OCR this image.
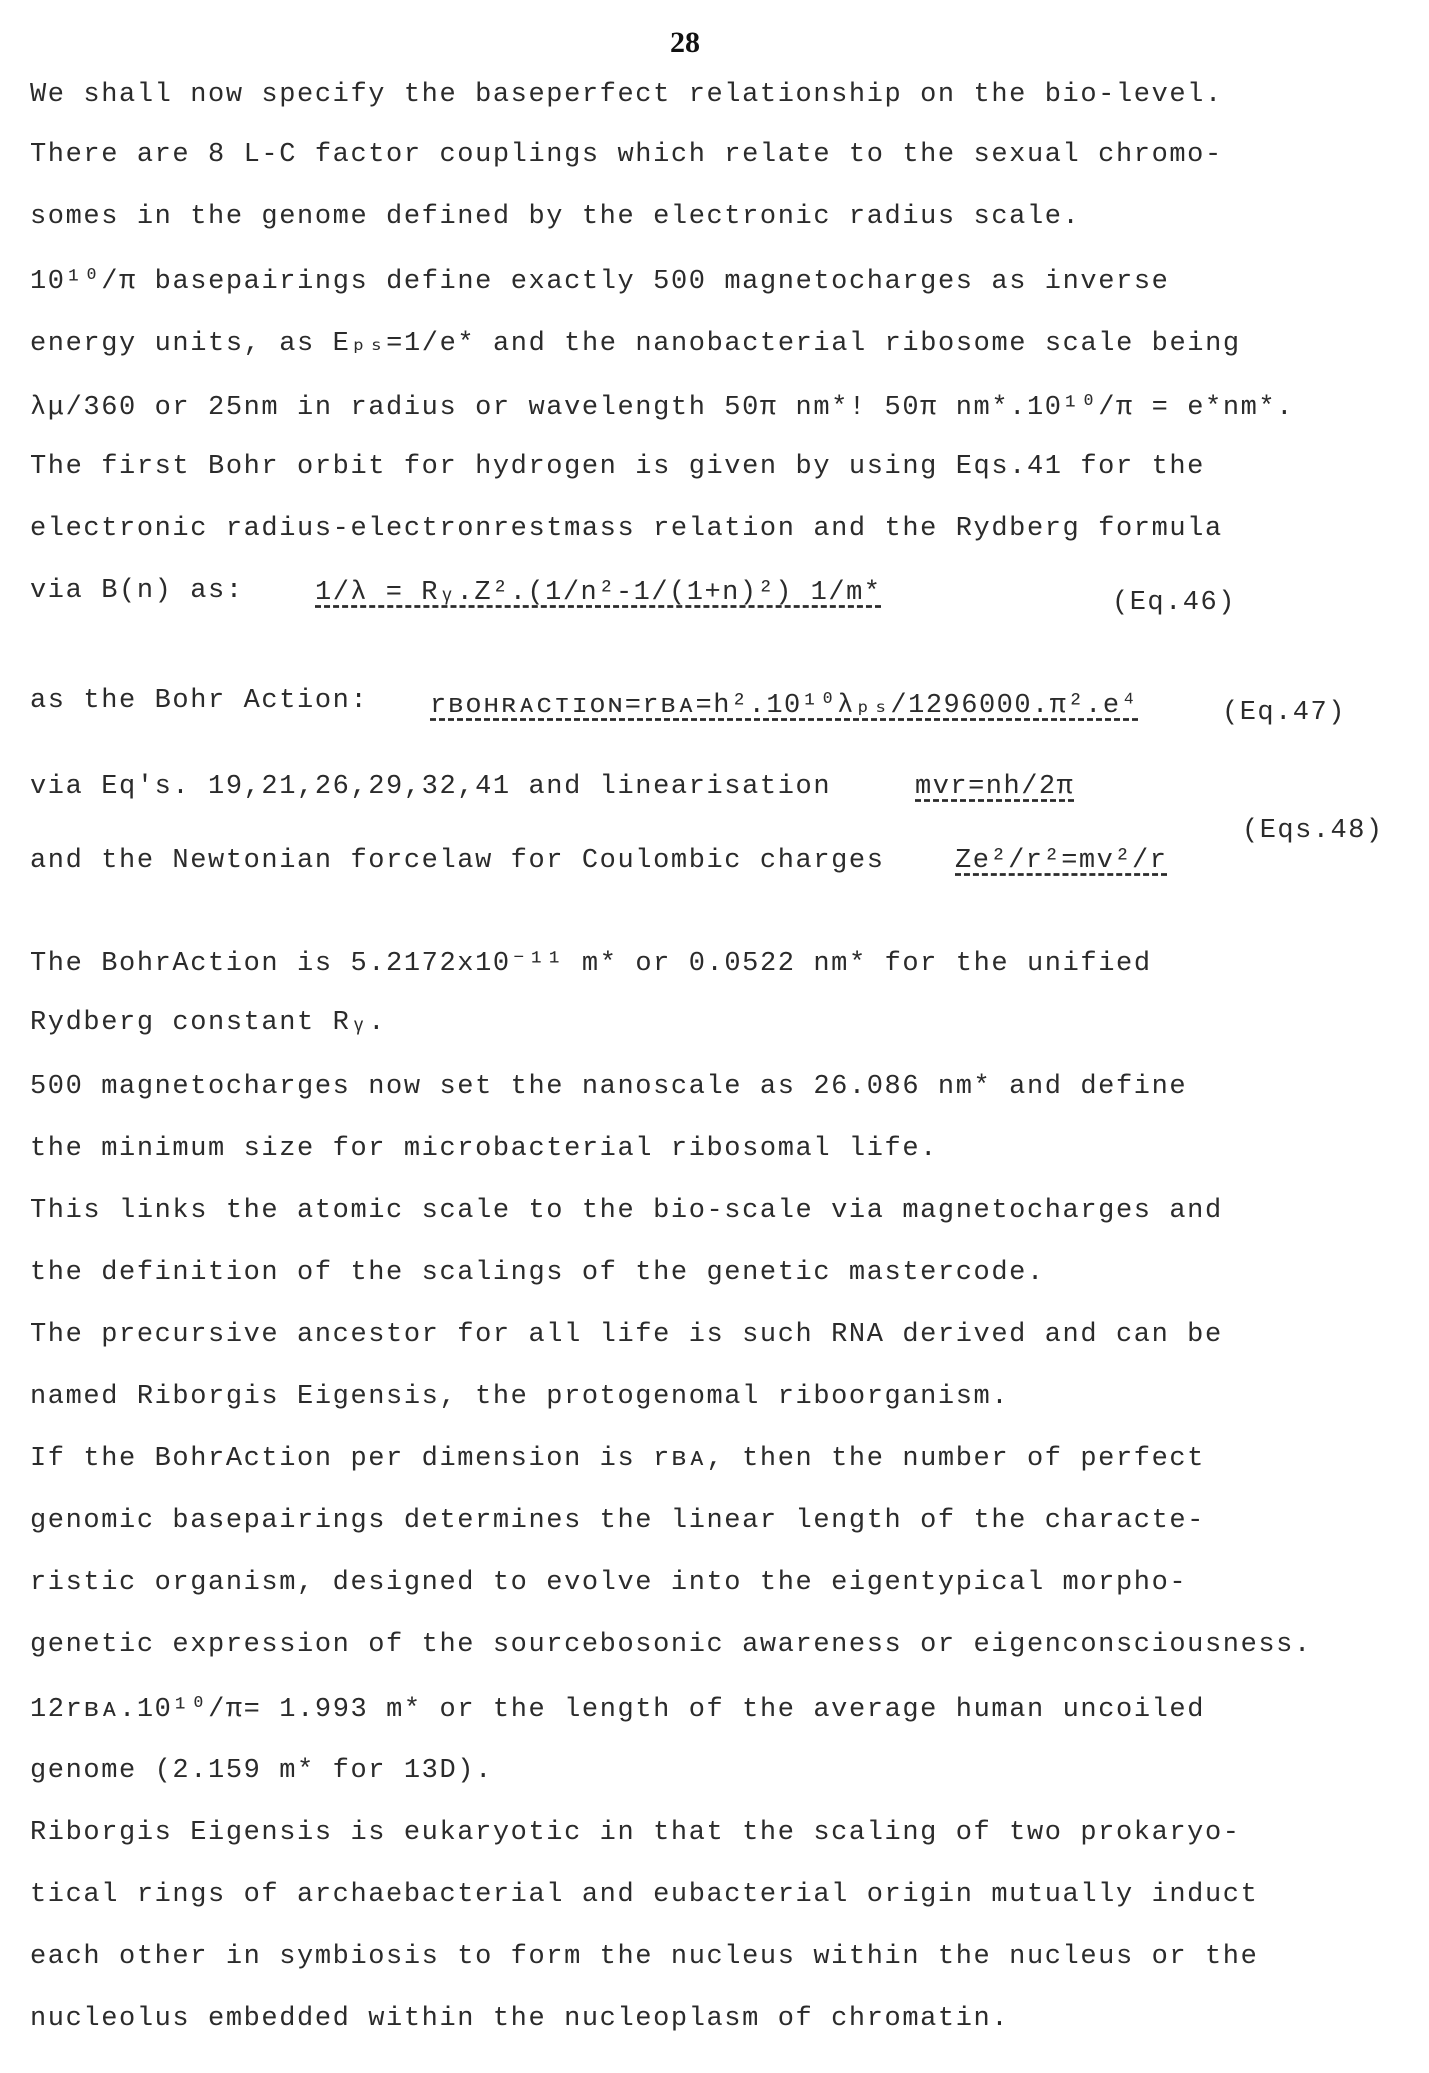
28
We shall now specify the baseperfect relationship on the bio-level.
There are 8 L-C factor couplings which relate to the sexual chromo-
somes in the genome defined by the electronic radius scale.
10¹⁰/π basepairings define exactly 500 magnetocharges as inverse
energy units, as Eₚₛ=1/e* and the nanobacterial ribosome scale being
λμ/360 or 25nm in radius or wavelength 50π nm*! 50π nm*.10¹⁰/π = e*nm*.
The first Bohr orbit for hydrogen is given by using Eqs.41 for the
electronic radius-electronrestmass relation and the Rydberg formula
via B(n) as:	1/λ = Rᵧ.Z².(1/n²-1/(1+n)²) 1/m*	(Eq.46)
as the Bohr Action: rʙᴏʜʀᴀᴄᴛɪᴏɴ=rʙᴀ=h².10¹⁰λₚₛ/1296000.π².e⁴	(Eq.47)
via Eq's. 19,21,26,29,32,41 and linearisation	mvr=nh/2π
(Eqs.48)
and the Newtonian forcelaw for Coulombic charges	Ze²/r²=mv²/r
The BohrAction is 5.2172x10⁻¹¹ m* or 0.0522 nm* for the unified
Rydberg constant Rᵧ.
500 magnetocharges now set the nanoscale as 26.086 nm* and define
the minimum size for microbacterial ribosomal life.
This links the atomic scale to the bio-scale via magnetocharges and
the definition of the scalings of the genetic mastercode.
The precursive ancestor for all life is such RNA derived and can be
named Riborgis Eigensis, the protogenomal riboorganism.
If the BohrAction per dimension is rʙᴀ, then the number of perfect
genomic basepairings determines the linear length of the characte-
ristic organism, designed to evolve into the eigentypical morpho-
genetic expression of the sourcebosonic awareness or eigenconsciousness.
12rʙᴀ.10¹⁰/π= 1.993 m* or the length of the average human uncoiled
genome (2.159 m* for 13D).
Riborgis Eigensis is eukaryotic in that the scaling of two prokaryo-
tical rings of archaebacterial and eubacterial origin mutually induct
each other in symbiosis to form the nucleus within the nucleus or the
nucleolus embedded within the nucleoplasm of chromatin.
